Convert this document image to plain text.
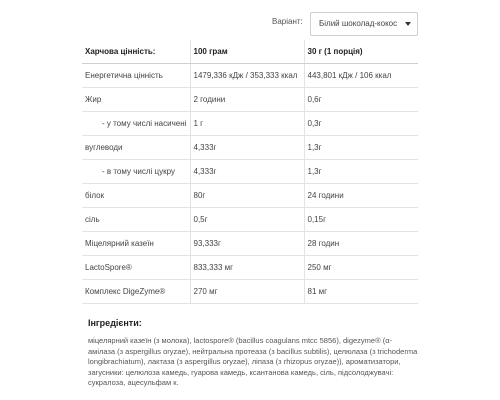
Варіант:	Білий шоколад-кокос
Харчова цінність:	100 грам	30 г (1 порція)
Енергетична цінність	1479,336 кДж / 353,333 ккал	443,801 кДж / 106 ккал
Жир	2 години	0,6г
- у тому числі насичені	1 г	0,3г
вуглеводи	4,333г	1,3г
- в тому числі цукру	4,333г	1,3г
білок	80г	24 години
сіль	0,5г	0,15г
Міцелярний казеїн	93,333г	28 годин
LactoSpore®	833,333 мг	250 мг
Комплекс DigeZyme®	270 мг	81 мг
Інгредієнти:

міцелярний казеїн (з молока), lactospore® (bacillus coagulans mtcc 5856), digezyme® (α-амілаза (з aspergillus oryzae), нейтральна протеаза (з bacillus subtilis), целюлаза (з trichoderma longibrachiatum), лактаза (з aspergillus oryzae), ліпаза (з rhizopus oryzae)), ароматизатори, загусники: целюлоза камедь, гуарова камедь, ксантанова камедь, сіль, підсолоджувачі: сукралоза, ацесульфам к.
